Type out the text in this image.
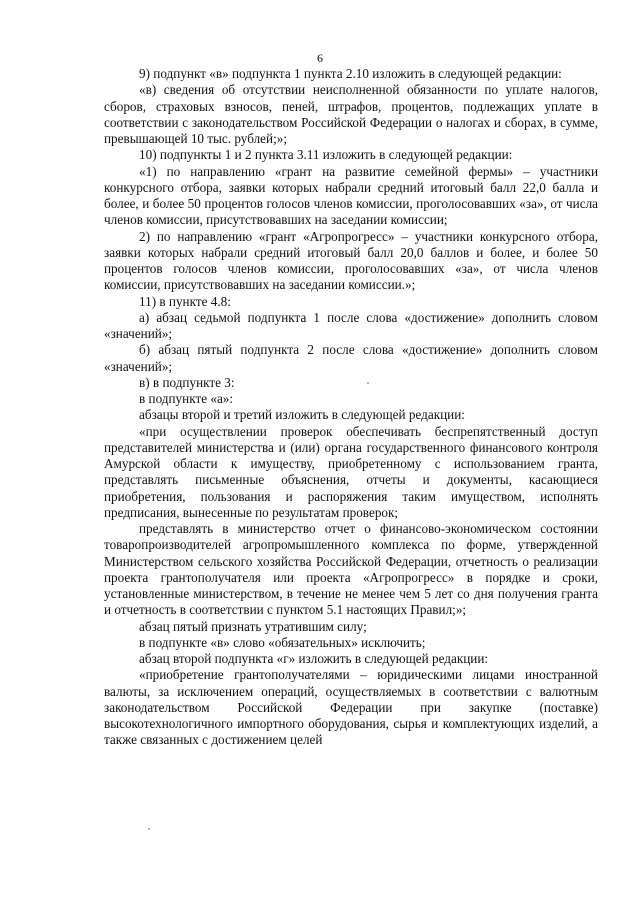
6

9) подпункт «в» подпункта 1 пункта 2.10 изложить в следующей редакции:

«в) сведения об отсутствии неисполненной обязанности по уплате налогов, сборов, страховых взносов, пеней, штрафов, процентов, подлежащих уплате в соответствии с законодательством Российской Федерации о налогах и сборах, в сумме, превышающей 10 тыс. рублей;»;

10) подпункты 1 и 2 пункта 3.11 изложить в следующей редакции:

«1) по направлению «грант на развитие семейной фермы» – участники конкурсного отбора, заявки которых набрали средний итоговый балл 22,0 балла и более, и более 50 процентов голосов членов комиссии, проголосовавших «за», от числа членов комиссии, присутствовавших на заседании комиссии;

2) по направлению «грант «Агропрогресс» – участники конкурсного отбора, заявки которых набрали средний итоговый балл 20,0 баллов и более, и более 50 процентов голосов членов комиссии, проголосовавших «за», от числа членов комиссии, присутствовавших на заседании комиссии.»;

11) в пункте 4.8:

а) абзац седьмой подпункта 1 после слова «достижение» дополнить словом «значений»;

б) абзац пятый подпункта 2 после слова «достижение» дополнить словом «значений»;

в) в подпункте 3:

в подпункте «а»:

абзацы второй и третий изложить в следующей редакции:

«при осуществлении проверок обеспечивать беспрепятственный доступ представителей министерства и (или) органа государственного финансового контроля Амурской области к имуществу, приобретенному с использованием гранта, представлять письменные объяснения, отчеты и документы, касающиеся приобретения, пользования и распоряжения таким имуществом, исполнять предписания, вынесенные по результатам проверок;

представлять в министерство отчет о финансово-экономическом состоянии товаропроизводителей агропромышленного комплекса по форме, утвержденной Министерством сельского хозяйства Российской Федерации, отчетность о реализации проекта грантополучателя или проекта «Агропрогресс» в порядке и сроки, установленные министерством, в течение не менее чем 5 лет со дня получения гранта и отчетность в соответствии с пунктом 5.1 настоящих Правил;»;

абзац пятый признать утратившим силу;

в подпункте «в» слово «обязательных» исключить;

абзац второй подпункта «г» изложить в следующей редакции:

«приобретение грантополучателями – юридическими лицами иностранной валюты, за исключением операций, осуществляемых в соответствии с валютным законодательством Российской Федерации при закупке (поставке) высокотехнологичного импортного оборудования, сырья и комплектующих изделий, а также связанных с достижением целей
